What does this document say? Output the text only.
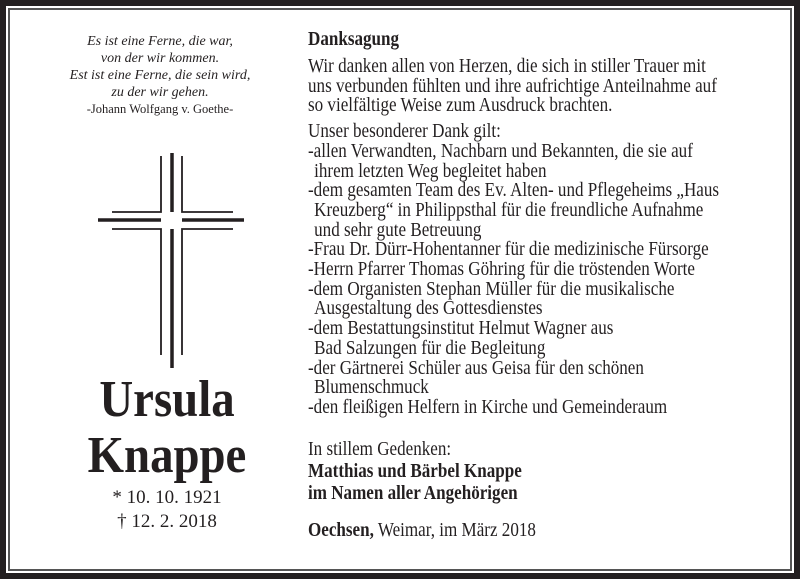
Es ist eine Ferne, die war,
von der wir kommen.
Est ist eine Ferne, die sein wird,
zu der wir gehen.
-Johann Wolfgang v. Goethe-
Ursula
Knappe
* 10. 10. 1921
† 12. 2. 2018
Danksagung
Wir danken allen von Herzen, die sich in stiller Trauer mit
uns verbunden fühlten und ihre aufrichtige Anteilnahme auf
so vielfältige Weise zum Ausdruck brachten.
Unser besonderer Dank gilt:
-allen Verwandten, Nachbarn und Bekannten, die sie auf
ihrem letzten Weg begleitet haben
-dem gesamten Team des Ev. Alten- und Pflegeheims „Haus
Kreuzberg“ in Philippsthal für die freundliche Aufnahme
und sehr gute Betreuung
-Frau Dr. Dürr-Hohentanner für die medizinische Fürsorge
-Herrn Pfarrer Thomas Göhring für die tröstenden Worte
-dem Organisten Stephan Müller für die musikalische
Ausgestaltung des Gottesdienstes
-dem Bestattungsinstitut Helmut Wagner aus
Bad Salzungen für die Begleitung
-der Gärtnerei Schüler aus Geisa für den schönen
Blumenschmuck
-den fleißigen Helfern in Kirche und Gemeinderaum
In stillem Gedenken:
Matthias und Bärbel Knappe
im Namen aller Angehörigen
Oechsen, Weimar, im März 2018
